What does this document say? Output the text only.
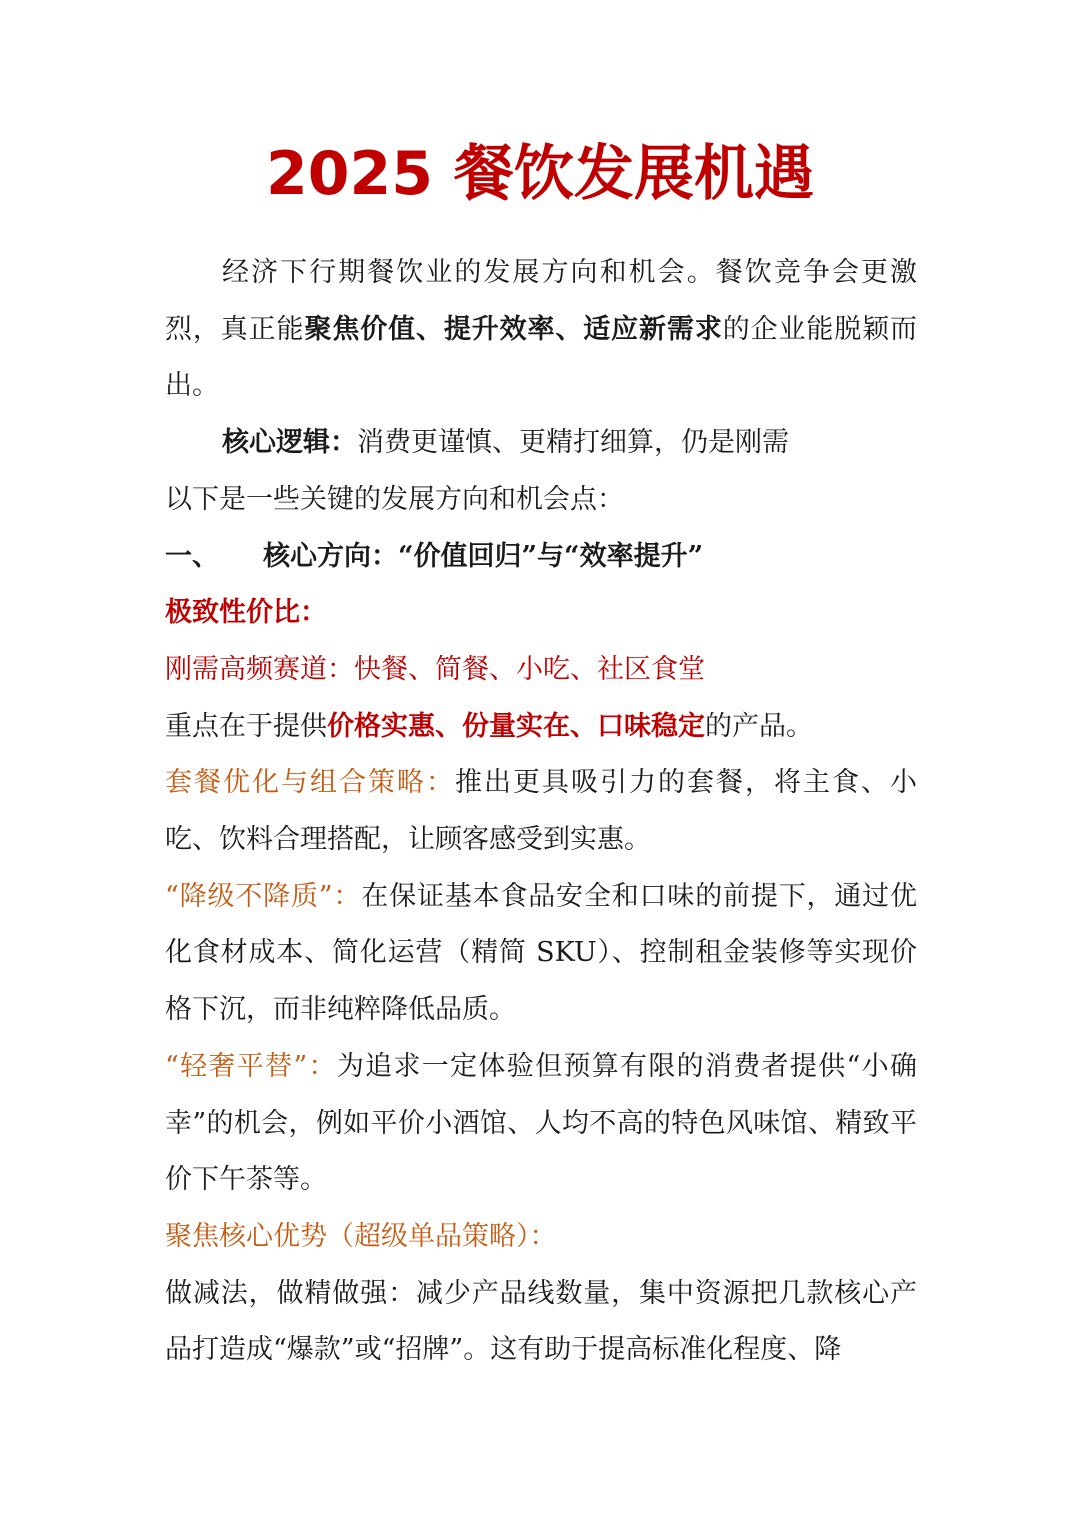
2025 餐饮发展机遇

经济下行期餐饮业的发展方向和机会。餐饮竞争会更激烈，真正能聚焦价值、提升效率、适应新需求的企业能脱颖而出。

核心逻辑：消费更谨慎、更精打细算，仍是刚需

以下是一些关键的发展方向和机会点：

一、 核心方向：“价值回归”与“效率提升”

极致性价比：

刚需高频赛道：快餐、简餐、小吃、社区食堂

重点在于提供价格实惠、份量实在、口味稳定的产品。

套餐优化与组合策略：推出更具吸引力的套餐，将主食、小吃、饮料合理搭配，让顾客感受到实惠。

“降级不降质”：在保证基本食品安全和口味的前提下，通过优化食材成本、简化运营（精简 SKU）、控制租金装修等实现价格下沉，而非纯粹降低品质。

“轻奢平替”：为追求一定体验但预算有限的消费者提供“小确幸”的机会，例如平价小酒馆、人均不高的特色风味馆、精致平价下午茶等。

聚焦核心优势（超级单品策略）：

做减法，做精做强：减少产品线数量，集中资源把几款核心产品打造成“爆款”或“招牌”。这有助于提高标准化程度、降
